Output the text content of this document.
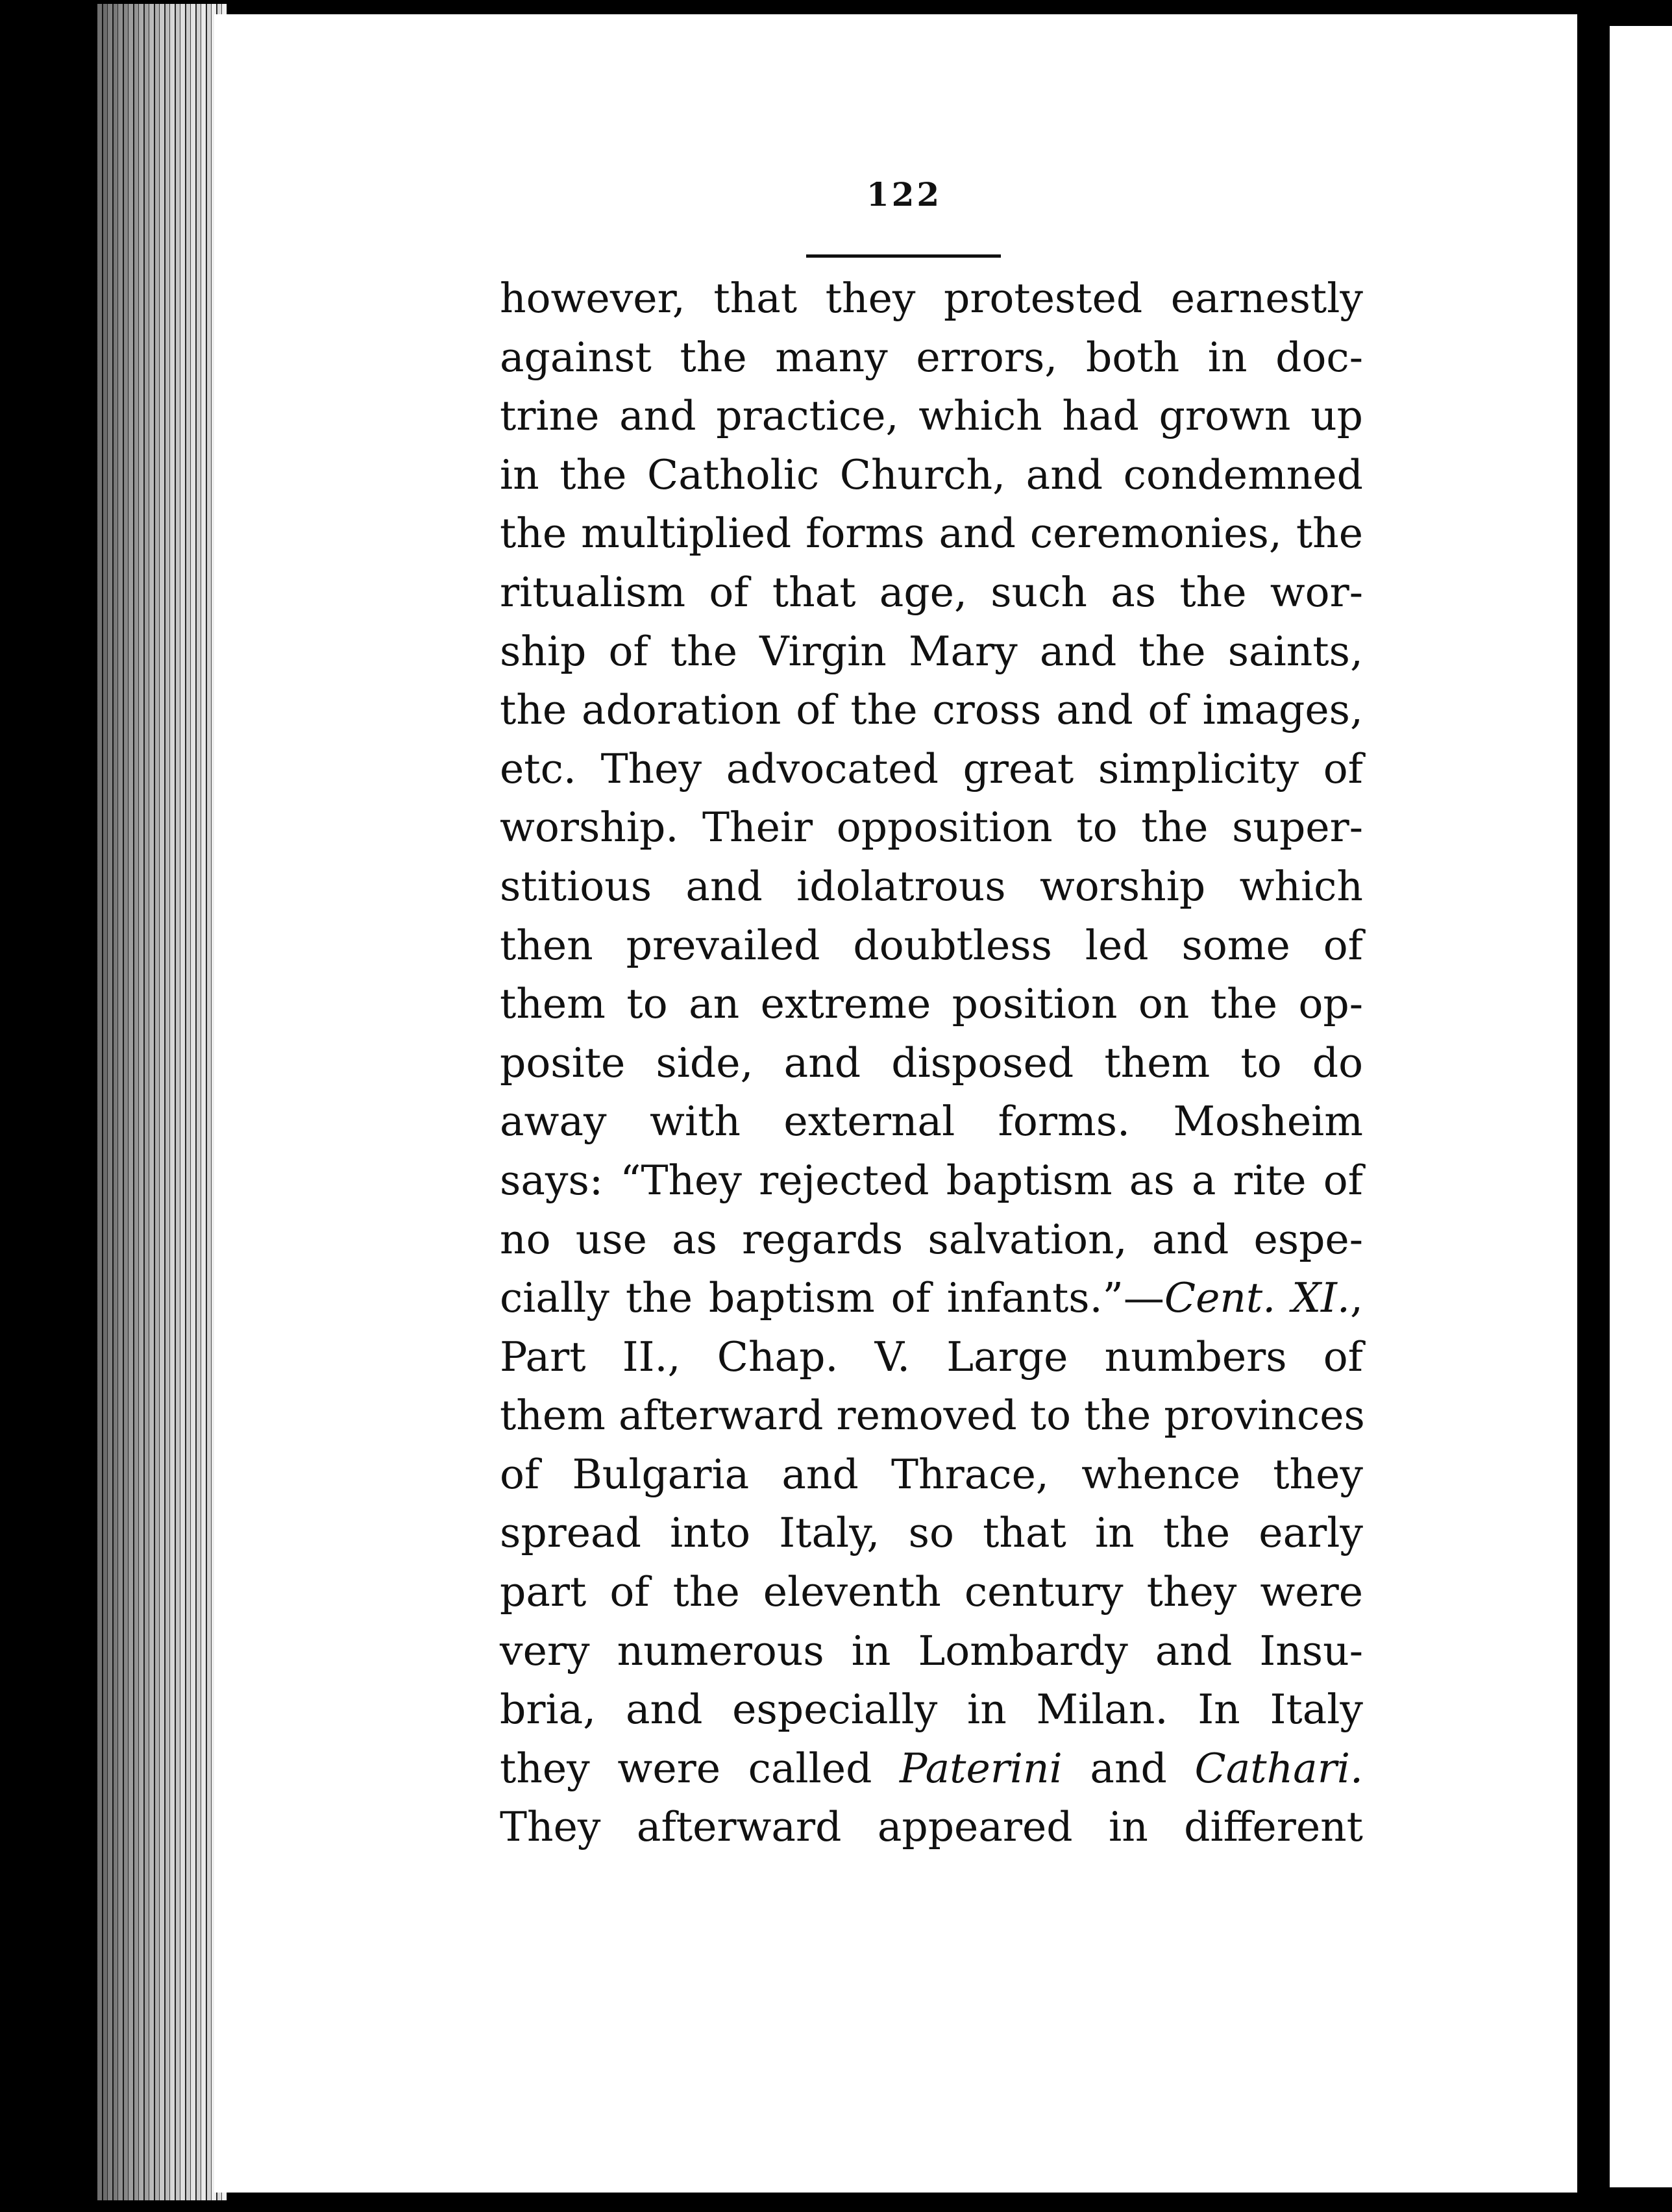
122
however, that they protested earnestly
against the many errors, both in doc-
trine and practice, which had grown up
in the Catholic Church, and condemned
the multiplied forms and ceremonies, the
ritualism of that age, such as the wor-
ship of the Virgin Mary and the saints,
the adoration of the cross and of images,
etc. They advocated great simplicity of
worship. Their opposition to the super-
stitious and idolatrous worship which
then prevailed doubtless led some of
them to an extreme position on the op-
posite side, and disposed them to do
away with external forms. Mosheim
says: “They rejected baptism as a rite of
no use as regards salvation, and espe-
cially the baptism of infants.”—Cent. XI.,
Part II., Chap. V. Large numbers of
them afterward removed to the provinces
of Bulgaria and Thrace, whence they
spread into Italy, so that in the early
part of the eleventh century they were
very numerous in Lombardy and Insu-
bria, and especially in Milan. In Italy
they were called Paterini and Cathari.
They afterward appeared in different
